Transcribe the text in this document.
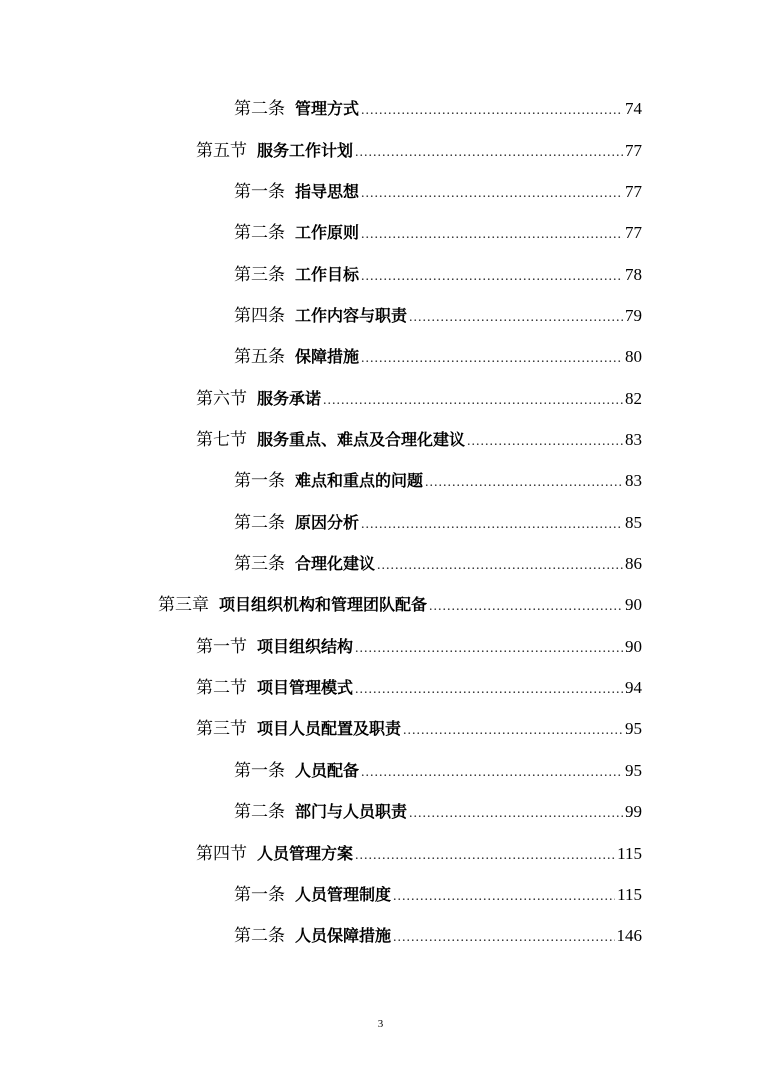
第二条 管理方式 .....	74
第五节 服务工作计划 .....	77
第一条 指导思想 .....	77
第二条 工作原则 .....	77
第三条 工作目标 .....	78
第四条 工作内容与职责 .....	79
第五条 保障措施 .....	80
第六节 服务承诺 .....	82
第七节 服务重点、难点及合理化建议 .....	83
第一条 难点和重点的问题 .....	83
第二条 原因分析 .....	85
第三条 合理化建议 .....	86
第三章 项目组织机构和管理团队配备 .....	90
第一节 项目组织结构 .....	90
第二节 项目管理模式 .....	94
第三节 项目人员配置及职责 .....	95
第一条 人员配备 .....	95
第二条 部门与人员职责 .....	99
第四节 人员管理方案 .....	115
第一条 人员管理制度 .....	115
第二条 人员保障措施 .....	146
3
